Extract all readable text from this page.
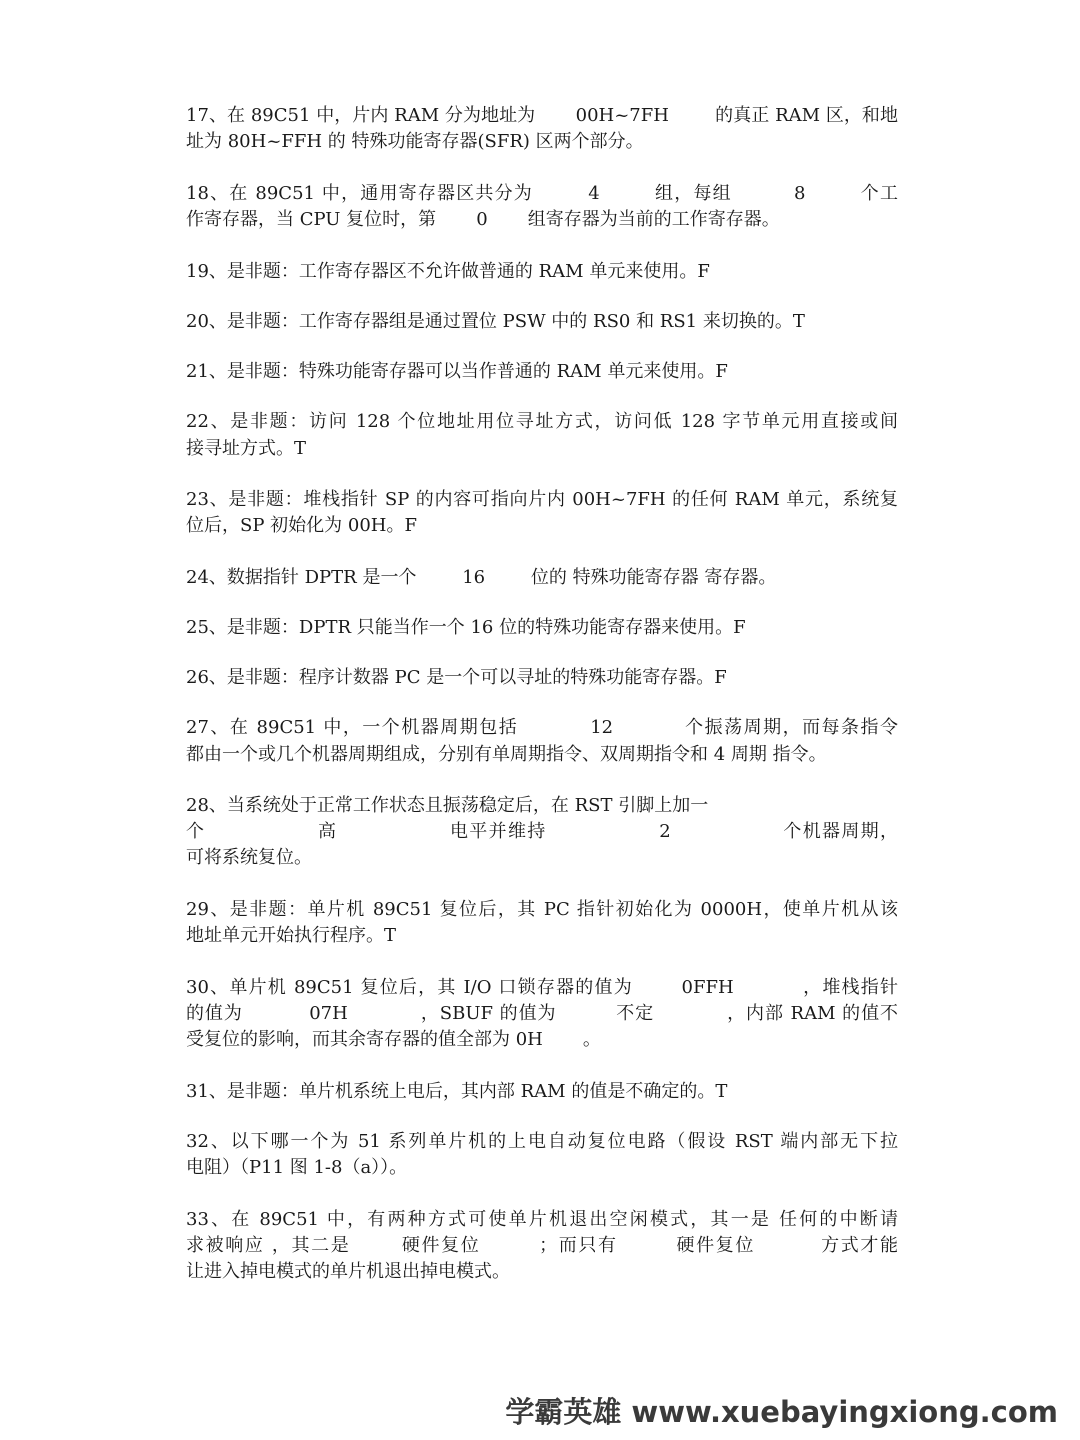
17、在 89C51 中，片内 RAM 分为地址为       00H~7FH        的真正 RAM 区，和地
址为 80H~FFH 的 特殊功能寄存器(SFR) 区两个部分。
18、在 89C51 中，通用寄存器区共分为        4        组，每组         8        个工
作寄存器，当 CPU 复位时，第       0       组寄存器为当前的工作寄存器。
19、是非题：工作寄存器区不允许做普通的 RAM 单元来使用。F
20、是非题：工作寄存器组是通过置位 PSW 中的 RS0 和 RS1 来切换的。T
21、是非题：特殊功能寄存器可以当作普通的 RAM 单元来使用。F
22、是非题：访问 128 个位地址用位寻址方式，访问低 128 字节单元用直接或间
接寻址方式。T
23、是非题：堆栈指针 SP 的内容可指向片内 00H~7FH 的任何 RAM 单元，系统复
位后，SP 初始化为 00H。F
24、数据指针 DPTR 是一个        16        位的 特殊功能寄存器 寄存器。
25、是非题：DPTR 只能当作一个 16 位的特殊功能寄存器来使用。F
26、是非题：程序计数器 PC 是一个可以寻址的特殊功能寄存器。F
27、在 89C51 中，一个机器周期包括          12          个振荡周期，而每条指令
都由一个或几个机器周期组成，分别有单周期指令、双周期指令和 4 周期 指令。
28、当系统处于正常工作状态且振荡稳定后，在 RST 引脚上加一
个                高                电平并维持                2                个机器周期，
可将系统复位。
29、是非题：单片机 89C51 复位后，其 PC 指针初始化为 0000H，使单片机从该
地址单元开始执行程序。T
30、单片机 89C51 复位后，其 I/O 口锁存器的值为       0FFH          ，堆栈指针
的值为          07H           ，SBUF 的值为         不定           ，内部 RAM 的值不
受复位的影响，而其余寄存器的值全部为 0H       。
31、是非题：单片机系统上电后，其内部 RAM 的值是不确定的。T
32、以下哪一个为 51 系列单片机的上电自动复位电路（假设 RST 端内部无下拉
电阻）（P11 图 1-8（a））。
33、在 89C51 中，有两种方式可使单片机退出空闲模式，其一是 任何的中断请
求被响应 ，其二是       硬件复位        ；而只有        硬件复位         方式才能
让进入掉电模式的单片机退出掉电模式。
学霸英雄 www.xuebayingxiong.com
